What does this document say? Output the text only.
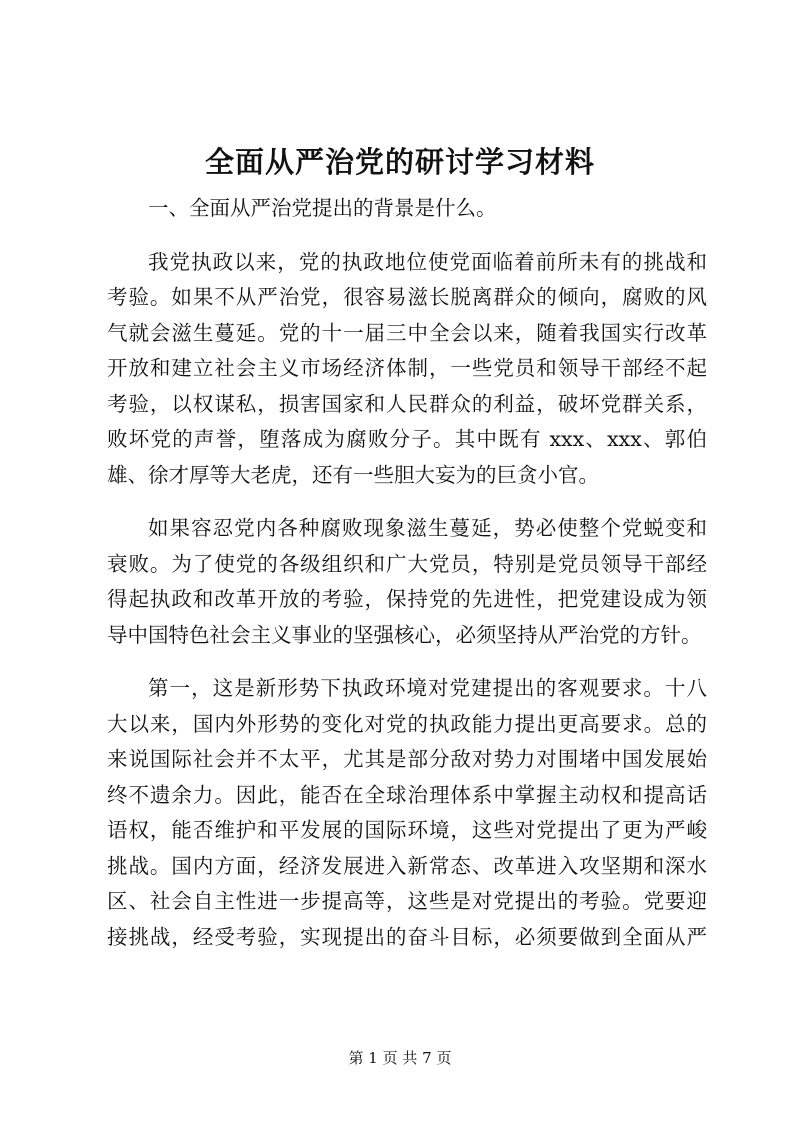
全面从严治党的研讨学习材料
一、全面从严治党提出的背景是什么。
我党执政以来，党的执政地位使党面临着前所未有的挑战和
考验。如果不从严治党，很容易滋长脱离群众的倾向，腐败的风
气就会滋生蔓延。党的十一届三中全会以来，随着我国实行改革
开放和建立社会主义市场经济体制，一些党员和领导干部经不起
考验，以权谋私，损害国家和人民群众的利益，破坏党群关系，
败坏党的声誉，堕落成为腐败分子。其中既有 xxx、xxx、郭伯
雄、徐才厚等大老虎，还有一些胆大妄为的巨贪小官。
如果容忍党内各种腐败现象滋生蔓延，势必使整个党蜕变和
衰败。为了使党的各级组织和广大党员，特别是党员领导干部经
得起执政和改革开放的考验，保持党的先进性，把党建设成为领
导中国特色社会主义事业的坚强核心，必须坚持从严治党的方针。
第一，这是新形势下执政环境对党建提出的客观要求。十八
大以来，国内外形势的变化对党的执政能力提出更高要求。总的
来说国际社会并不太平，尤其是部分敌对势力对围堵中国发展始
终不遗余力。因此，能否在全球治理体系中掌握主动权和提高话
语权，能否维护和平发展的国际环境，这些对党提出了更为严峻
挑战。国内方面，经济发展进入新常态、改革进入攻坚期和深水
区、社会自主性进一步提高等，这些是对党提出的考验。党要迎
接挑战，经受考验，实现提出的奋斗目标，必须要做到全面从严
第 1 页 共 7 页
